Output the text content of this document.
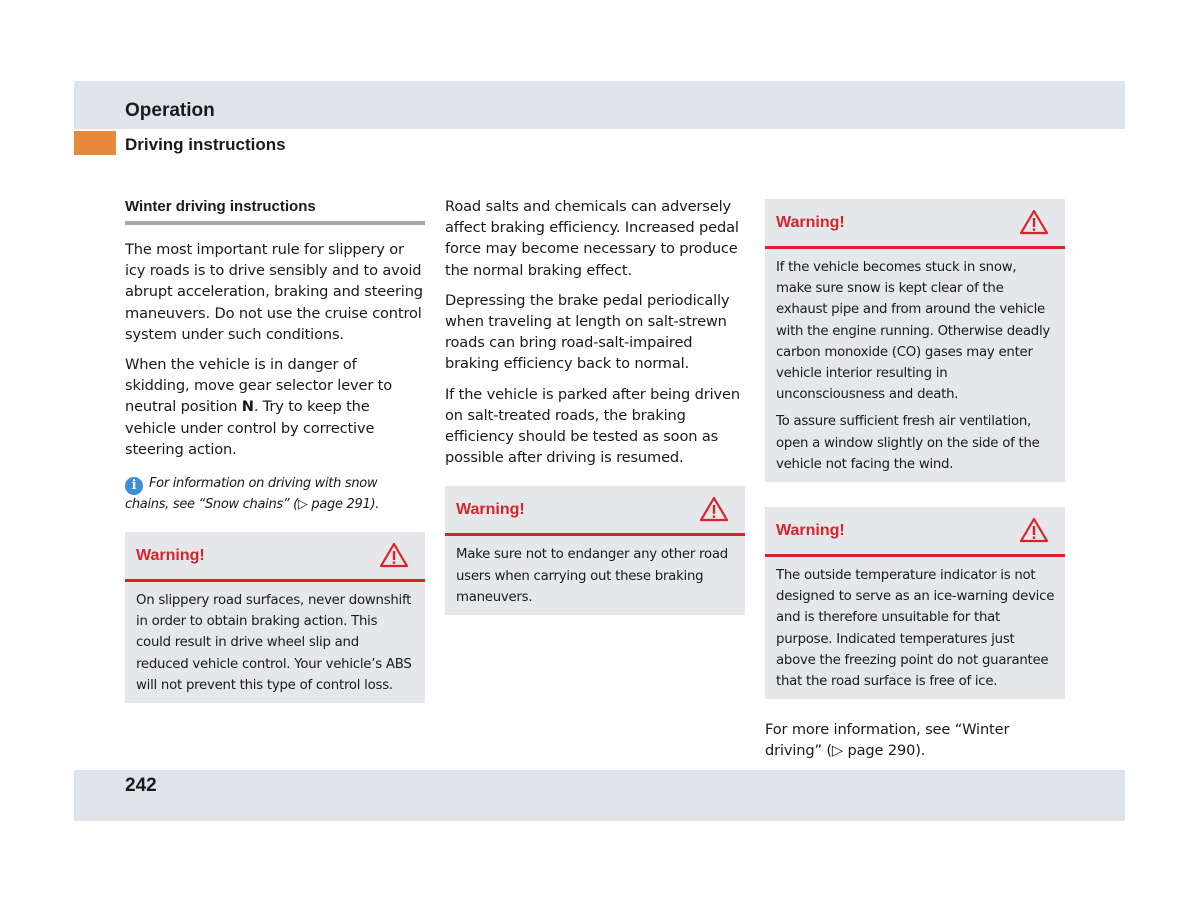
Operation
Driving instructions
Winter driving instructions

The most important rule for slippery or icy roads is to drive sensibly and to avoid abrupt acceleration, braking and steering maneuvers. Do not use the cruise control system under such conditions.

When the vehicle is in danger of skidding, move gear selector lever to neutral position N. Try to keep the vehicle under control by corrective steering action.

i For information on driving with snow chains, see “Snow chains” (▷ page 291).
Warning!

On slippery road surfaces, never downshift in order to obtain braking action. This could result in drive wheel slip and reduced vehicle control. Your vehicle’s ABS will not prevent this type of control loss.

Road salts and chemicals can adversely affect braking efficiency. Increased pedal force may become necessary to produce the normal braking effect.

Depressing the brake pedal periodically when traveling at length on salt-strewn roads can bring road-salt-impaired braking efficiency back to normal.

If the vehicle is parked after being driven on salt-treated roads, the braking efficiency should be tested as soon as possible after driving is resumed.

Warning!

Make sure not to endanger any other road users when carrying out these braking maneuvers.

Warning!

If the vehicle becomes stuck in snow, make sure snow is kept clear of the exhaust pipe and from around the vehicle with the engine running. Otherwise deadly carbon monoxide (CO) gases may enter vehicle interior resulting in unconsciousness and death.

To assure sufficient fresh air ventilation, open a window slightly on the side of the vehicle not facing the wind.

Warning!

The outside temperature indicator is not designed to serve as an ice-warning device and is therefore unsuitable for that purpose. Indicated temperatures just above the freezing point do not guarantee that the road surface is free of ice.

For more information, see “Winter driving” (▷ page 290).

242
